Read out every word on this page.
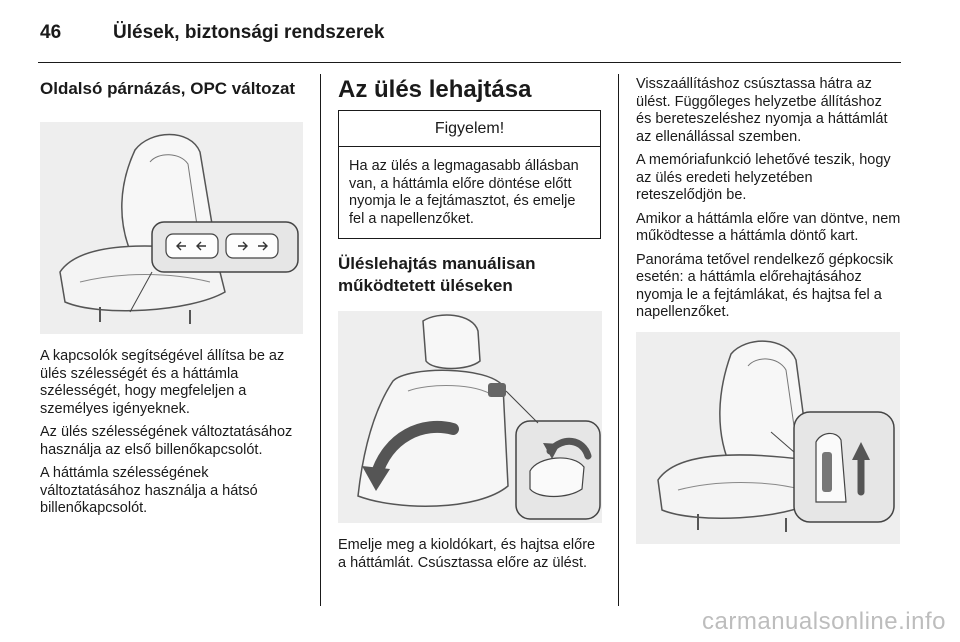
46	Ülések, biztonsági rendszerek
Oldalsó párnázás, OPC változat

A kapcsolók segítségével állítsa be az ülés szélességét és a háttámla szélességét, hogy megfeleljen a személyes igényeknek.

Az ülés szélességének változtatásához használja az első billenőkapcsolót.

A háttámla szélességének változtatásához használja a hátsó billenőkapcsolót.

Az ülés lehajtása
Figyelem!

Ha az ülés a legmagasabb állásban van, a háttámla előre döntése előtt nyomja le a fejtámasztot, és emelje fel a napellenzőket.

Üléslehajtás manuálisan működtetett üléseken

Emelje meg a kioldókart, és hajtsa előre a háttámlát. Csúsztassa előre az ülést.

Visszaállításhoz csúsztassa hátra az ülést. Függőleges helyzetbe állításhoz és bereteszeléshez nyomja a háttámlát az ellenállással szemben.

A memóriafunkció lehetővé teszik, hogy az ülés eredeti helyzetében reteszelődjön be.

Amikor a háttámla előre van döntve, nem működtesse a háttámla döntő kart.

Panoráma tetővel rendelkező gépkocsik esetén: a háttámla előrehajtásához nyomja le a fejtámlákat, és hajtsa fel a napellenzőket.

carmanualsonline.info
